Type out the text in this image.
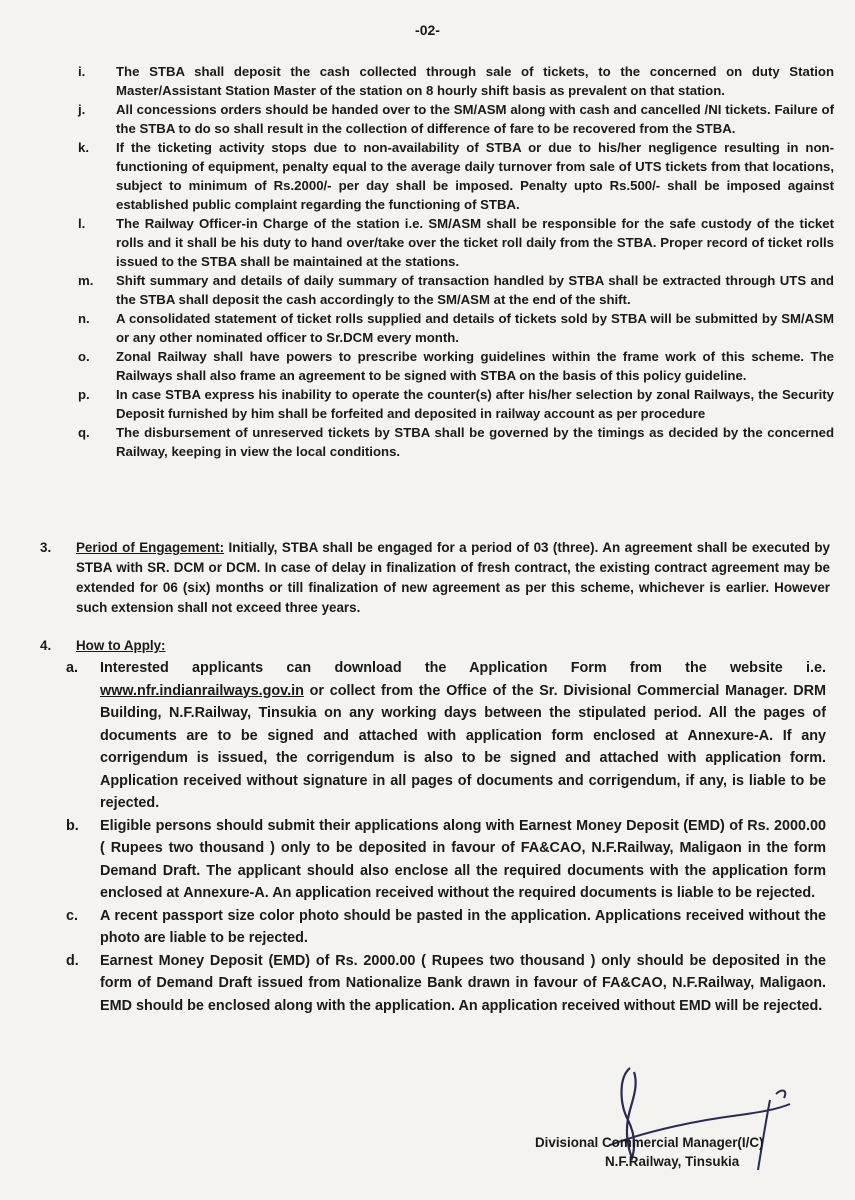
-02-
i.	The STBA shall deposit the cash collected through sale of tickets, to the concerned on duty Station Master/Assistant Station Master of the station on 8 hourly shift basis as prevalent on that station.
j.	All concessions orders should be handed over to the SM/ASM along with cash and cancelled /NI tickets. Failure of the STBA to do so shall result in the collection of difference of fare to be recovered from the STBA.
k.	If the ticketing activity stops due to non-availability of STBA or due to his/her negligence resulting in non-functioning of equipment, penalty equal to the average daily turnover from sale of UTS tickets from that locations, subject to minimum of Rs.2000/- per day shall be imposed. Penalty upto Rs.500/- shall be imposed against established public complaint regarding the functioning of STBA.
l.	The Railway Officer-in Charge of the station i.e. SM/ASM shall be responsible for the safe custody of the ticket rolls and it shall be his duty to hand over/take over the ticket roll daily from the STBA. Proper record of ticket rolls issued to the STBA shall be maintained at the stations.
m.	Shift summary and details of daily summary of transaction handled by STBA shall be extracted through UTS and the STBA shall deposit the cash accordingly to the SM/ASM at the end of the shift.
n.	A consolidated statement of ticket rolls supplied and details of tickets sold by STBA will be submitted by SM/ASM or any other nominated officer to Sr.DCM every month.
o.	Zonal Railway shall have powers to prescribe working guidelines within the frame work of this scheme. The Railways shall also frame an agreement to be signed with STBA on the basis of this policy guideline.
p.	In case STBA express his inability to operate the counter(s) after his/her selection by zonal Railways, the Security Deposit furnished by him shall be forfeited and deposited in railway account as per procedure
q.	The disbursement of unreserved tickets by STBA shall be governed by the timings as decided by the concerned Railway, keeping in view the local conditions.
3. Period of Engagement: Initially, STBA shall be engaged for a period of 03 (three). An agreement shall be executed by STBA with SR. DCM or DCM. In case of delay in finalization of fresh contract, the existing contract agreement may be extended for 06 (six) months or till finalization of new agreement as per this scheme, whichever is earlier. However such extension shall not exceed three years.
4. How to Apply:
a.	Interested applicants can download the Application Form from the website i.e. www.nfr.indianrailways.gov.in or collect from the Office of the Sr. Divisional Commercial Manager. DRM Building, N.F.Railway, Tinsukia on any working days between the stipulated period. All the pages of documents are to be signed and attached with application form enclosed at Annexure-A. If any corrigendum is issued, the corrigendum is also to be signed and attached with application form. Application received without signature in all pages of documents and corrigendum, if any, is liable to be rejected.
b.	Eligible persons should submit their applications along with Earnest Money Deposit (EMD) of Rs. 2000.00 ( Rupees two thousand ) only to be deposited in favour of FA&CAO, N.F.Railway, Maligaon in the form Demand Draft. The applicant should also enclose all the required documents with the application form enclosed at Annexure-A. An application received without the required documents is liable to be rejected.
c.	A recent passport size color photo should be pasted in the application. Applications received without the photo are liable to be rejected.
d.	Earnest Money Deposit (EMD) of Rs. 2000.00 ( Rupees two thousand ) only should be deposited in the form of Demand Draft issued from Nationalize Bank drawn in favour of FA&CAO, N.F.Railway, Maligaon. EMD should be enclosed along with the application. An application received without EMD will be rejected.
Divisional Commercial Manager(I/C)
N.F.Railway, Tinsukia
